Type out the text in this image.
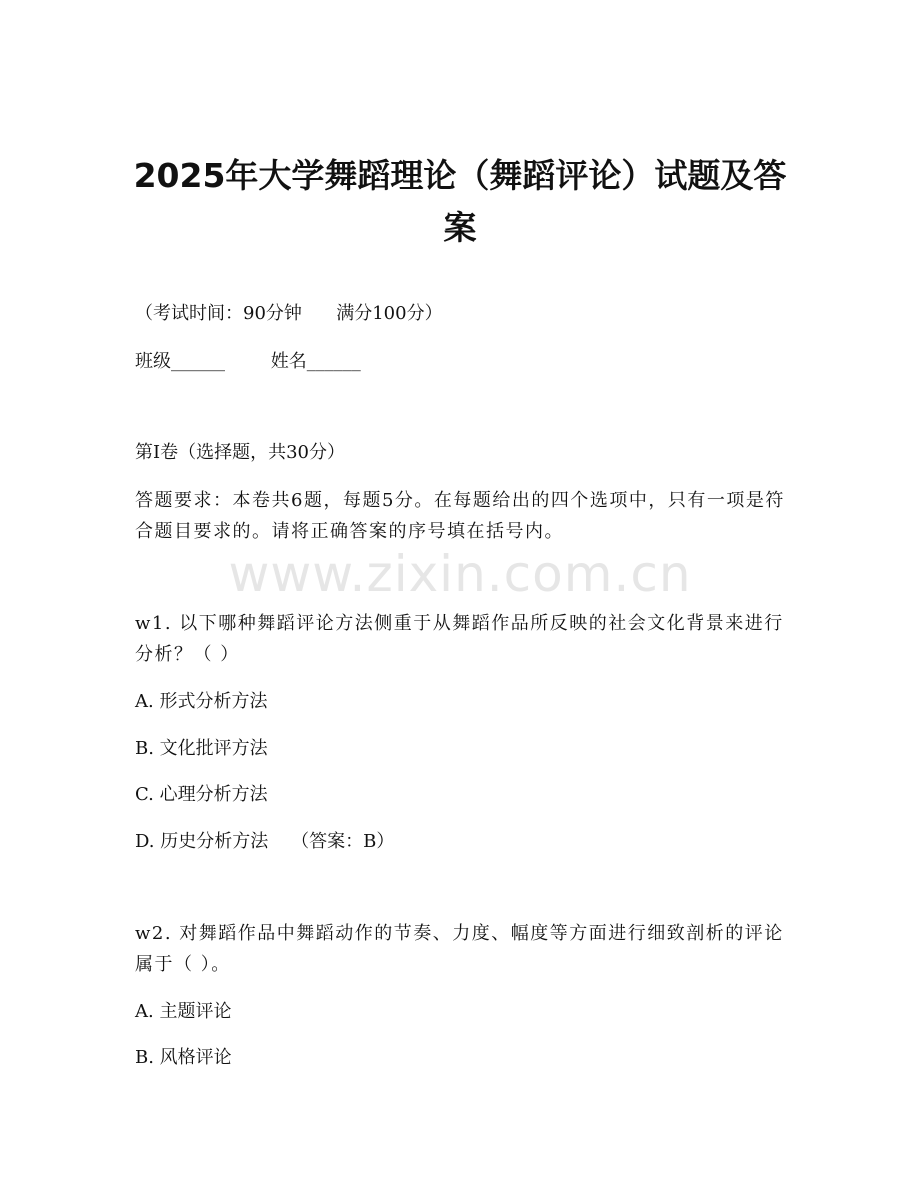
2025年大学舞蹈理论（舞蹈评论）试题及答案
（考试时间：90分钟      满分100分）
班级______        姓名______
第Ⅰ卷（选择题，共30分）
答题要求：本卷共6题，每题5分。在每题给出的四个选项中，只有一项是符合题目要求的。请将正确答案的序号填在括号内。
www.zixin.com.cn
w1. 以下哪种舞蹈评论方法侧重于从舞蹈作品所反映的社会文化背景来进行分析？（ ）
A. 形式分析方法
B. 文化批评方法
C. 心理分析方法
D. 历史分析方法    （答案：B）
w2. 对舞蹈作品中舞蹈动作的节奏、力度、幅度等方面进行细致剖析的评论属于（ ）。
A. 主题评论
B. 风格评论
